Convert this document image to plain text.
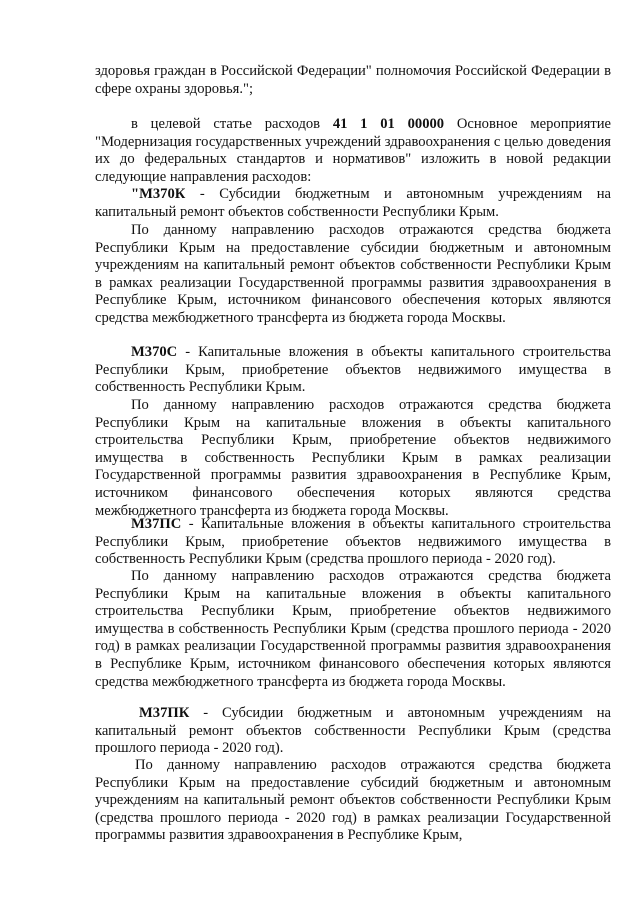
здоровья граждан в Российской Федерации" полномочия Российской Федерации в сфере охраны здоровья.";

в целевой статье расходов 41 1 01 00000 Основное мероприятие "Модернизация государственных учреждений здравоохранения с целью доведения их до федеральных стандартов и нормативов" изложить в новой редакции следующие направления расходов:

"М370К - Субсидии бюджетным и автономным учреждениям на капитальный ремонт объектов собственности Республики Крым.

По данному направлению расходов отражаются средства бюджета Республики Крым на предоставление субсидии бюджетным и автономным учреждениям на капитальный ремонт объектов собственности Республики Крым в рамках реализации Государственной программы развития здравоохранения в Республике Крым, источником финансового обеспечения которых являются средства межбюджетного трансферта из бюджета города Москвы.

М370С - Капитальные вложения в объекты капитального строительства Республики Крым, приобретение объектов недвижимого имущества в собственность Республики Крым.

По данному направлению расходов отражаются средства бюджета Республики Крым на капитальные вложения в объекты капитального строительства Республики Крым, приобретение объектов недвижимого имущества в собственность Республики Крым в рамках реализации Государственной программы развития здравоохранения в Республике Крым, источником финансового обеспечения которых являются средства межбюджетного трансферта из бюджета города Москвы.

М37ПС - Капитальные вложения в объекты капитального строительства Республики Крым, приобретение объектов недвижимого имущества в собственность Республики Крым (средства прошлого периода - 2020 год).

По данному направлению расходов отражаются средства бюджета Республики Крым на капитальные вложения в объекты капитального строительства Республики Крым, приобретение объектов недвижимого имущества в собственность Республики Крым (средства прошлого периода - 2020 год) в рамках реализации Государственной программы развития здравоохранения в Республике Крым, источником финансового обеспечения которых являются средства межбюджетного трансферта из бюджета города Москвы.

М37ПК - Субсидии бюджетным и автономным учреждениям на капитальный ремонт объектов собственности Республики Крым (средства прошлого периода - 2020 год).

По данному направлению расходов отражаются средства бюджета Республики Крым на предоставление субсидий бюджетным и автономным учреждениям на капитальный ремонт объектов собственности Республики Крым (средства прошлого периода - 2020 год) в рамках реализации Государственной программы развития здравоохранения в Республике Крым,
